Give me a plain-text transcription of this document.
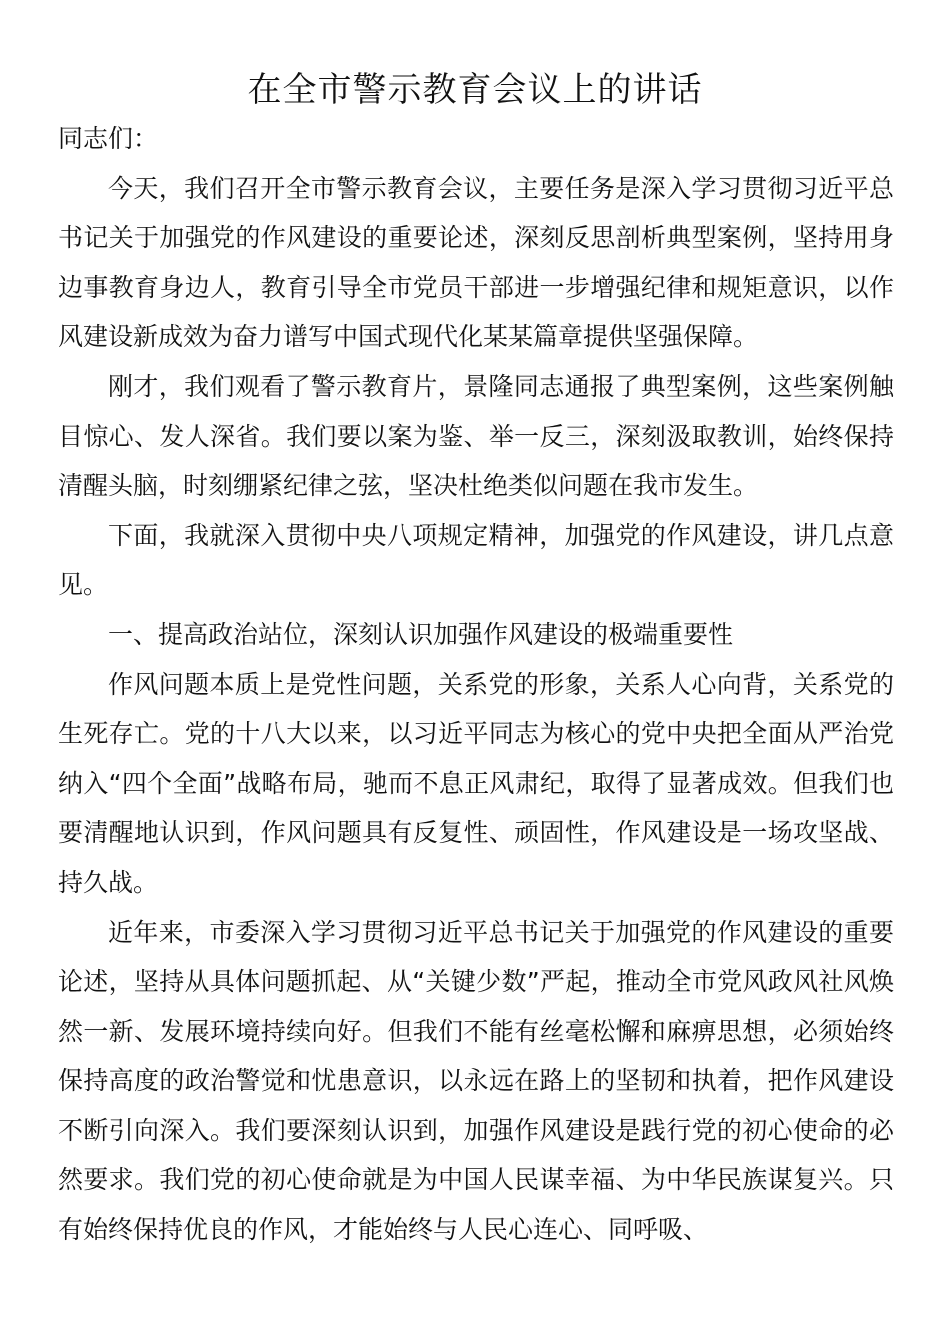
在全市警示教育会议上的讲话

同志们：

今天，我们召开全市警示教育会议，主要任务是深入学习贯彻习近平总书记关于加强党的作风建设的重要论述，深刻反思剖析典型案例，坚持用身边事教育身边人，教育引导全市党员干部进一步增强纪律和规矩意识，以作风建设新成效为奋力谱写中国式现代化某某篇章提供坚强保障。

刚才，我们观看了警示教育片，景隆同志通报了典型案例，这些案例触目惊心、发人深省。我们要以案为鉴、举一反三，深刻汲取教训，始终保持清醒头脑，时刻绷紧纪律之弦，坚决杜绝类似问题在我市发生。

下面，我就深入贯彻中央八项规定精神，加强党的作风建设，讲几点意见。

一、提高政治站位，深刻认识加强作风建设的极端重要性

作风问题本质上是党性问题，关系党的形象，关系人心向背，关系党的生死存亡。党的十八大以来，以习近平同志为核心的党中央把全面从严治党纳入“四个全面”战略布局，驰而不息正风肃纪，取得了显著成效。但我们也要清醒地认识到，作风问题具有反复性、顽固性，作风建设是一场攻坚战、持久战。

近年来，市委深入学习贯彻习近平总书记关于加强党的作风建设的重要论述，坚持从具体问题抓起、从“关键少数”严起，推动全市党风政风社风焕然一新、发展环境持续向好。但我们不能有丝毫松懈和麻痹思想，必须始终保持高度的政治警觉和忧患意识，以永远在路上的坚韧和执着，把作风建设不断引向深入。我们要深刻认识到，加强作风建设是践行党的初心使命的必然要求。我们党的初心使命就是为中国人民谋幸福、为中华民族谋复兴。只有始终保持优良的作风，才能始终与人民心连心、同呼吸、
